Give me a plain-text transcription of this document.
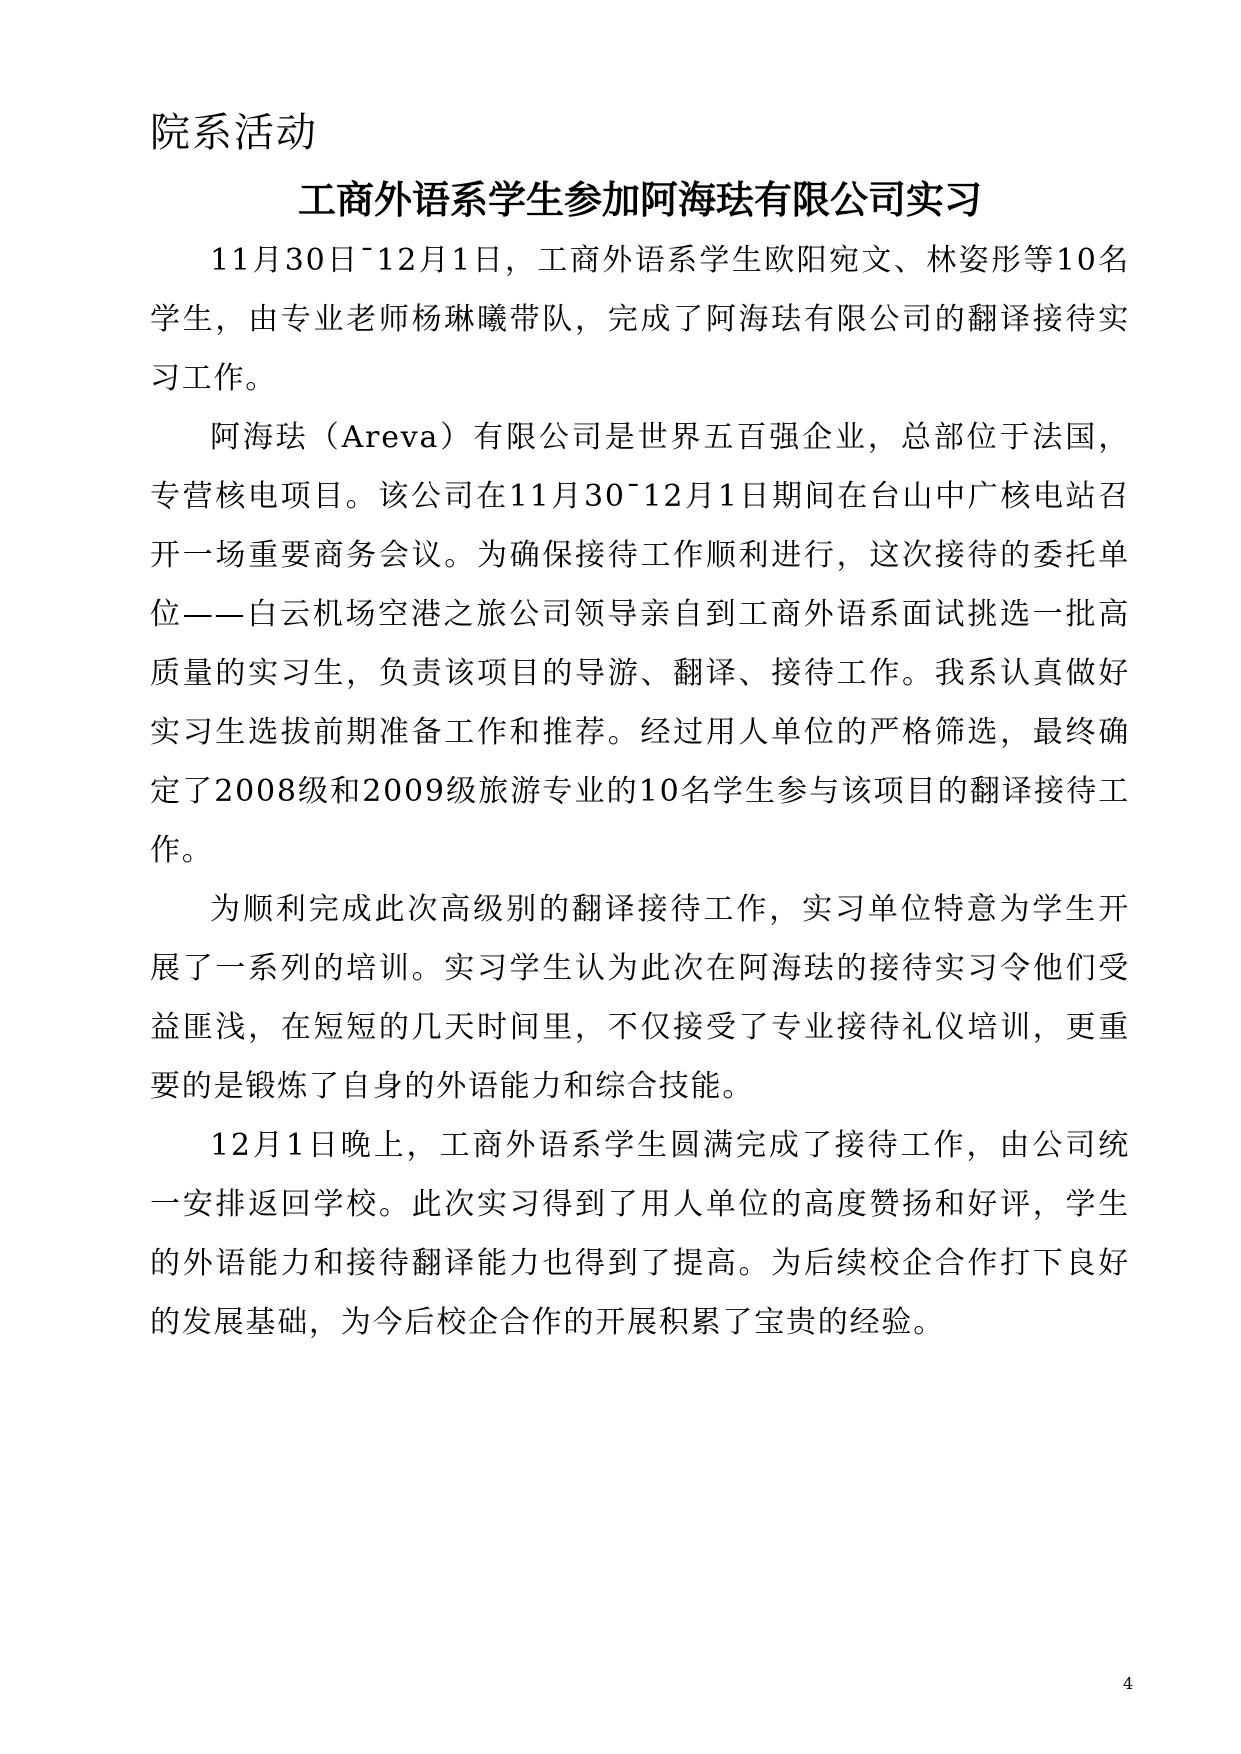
院系活动
工商外语系学生参加阿海珐有限公司实习

11月30日¯12月1日，工商外语系学生欧阳宛文、林姿彤等10名学生，由专业老师杨琳曦带队，完成了阿海珐有限公司的翻译接待实习工作。

阿海珐（Areva）有限公司是世界五百强企业，总部位于法国，专营核电项目。该公司在11月30¯12月1日期间在台山中广核电站召开一场重要商务会议。为确保接待工作顺利进行，这次接待的委托单位——白云机场空港之旅公司领导亲自到工商外语系面试挑选一批高质量的实习生，负责该项目的导游、翻译、接待工作。我系认真做好实习生选拔前期准备工作和推荐。经过用人单位的严格筛选，最终确定了2008级和2009级旅游专业的10名学生参与该项目的翻译接待工作。

为顺利完成此次高级别的翻译接待工作，实习单位特意为学生开展了一系列的培训。实习学生认为此次在阿海珐的接待实习令他们受益匪浅，在短短的几天时间里，不仅接受了专业接待礼仪培训，更重要的是锻炼了自身的外语能力和综合技能。

12月1日晚上，工商外语系学生圆满完成了接待工作，由公司统一安排返回学校。此次实习得到了用人单位的高度赞扬和好评，学生的外语能力和接待翻译能力也得到了提高。为后续校企合作打下良好的发展基础，为今后校企合作的开展积累了宝贵的经验。

4
